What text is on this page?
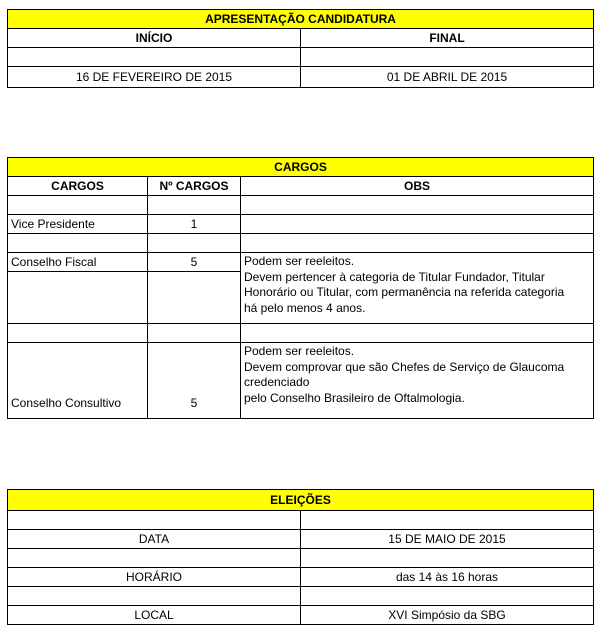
APRESENTAÇÃO CANDIDATURA	
INÍCIO	FINAL

16 DE FEVEREIRO DE 2015	01 DE ABRIL DE 2015
CARGOS		
CARGOS	Nº CARGOS	OBS

Vice Presidente	1	

Conselho Fiscal	5	Podem ser reeleitos.
Devem pertencer à categoria de Titular Fundador, Titular
Honorário ou Titular, com permanência na referida categoria
há pelo menos 4 anos.

Conselho Consultivo	5	Podem ser reeleitos.
Devem comprovar que são Chefes de Serviço de Glaucoma
credenciado
pelo Conselho Brasileiro de Oftalmologia.
ELEIÇÕES	

DATA	15 DE MAIO DE 2015

HORÁRIO	das 14 às 16 horas

LOCAL	XVI Simpósio da SBG
